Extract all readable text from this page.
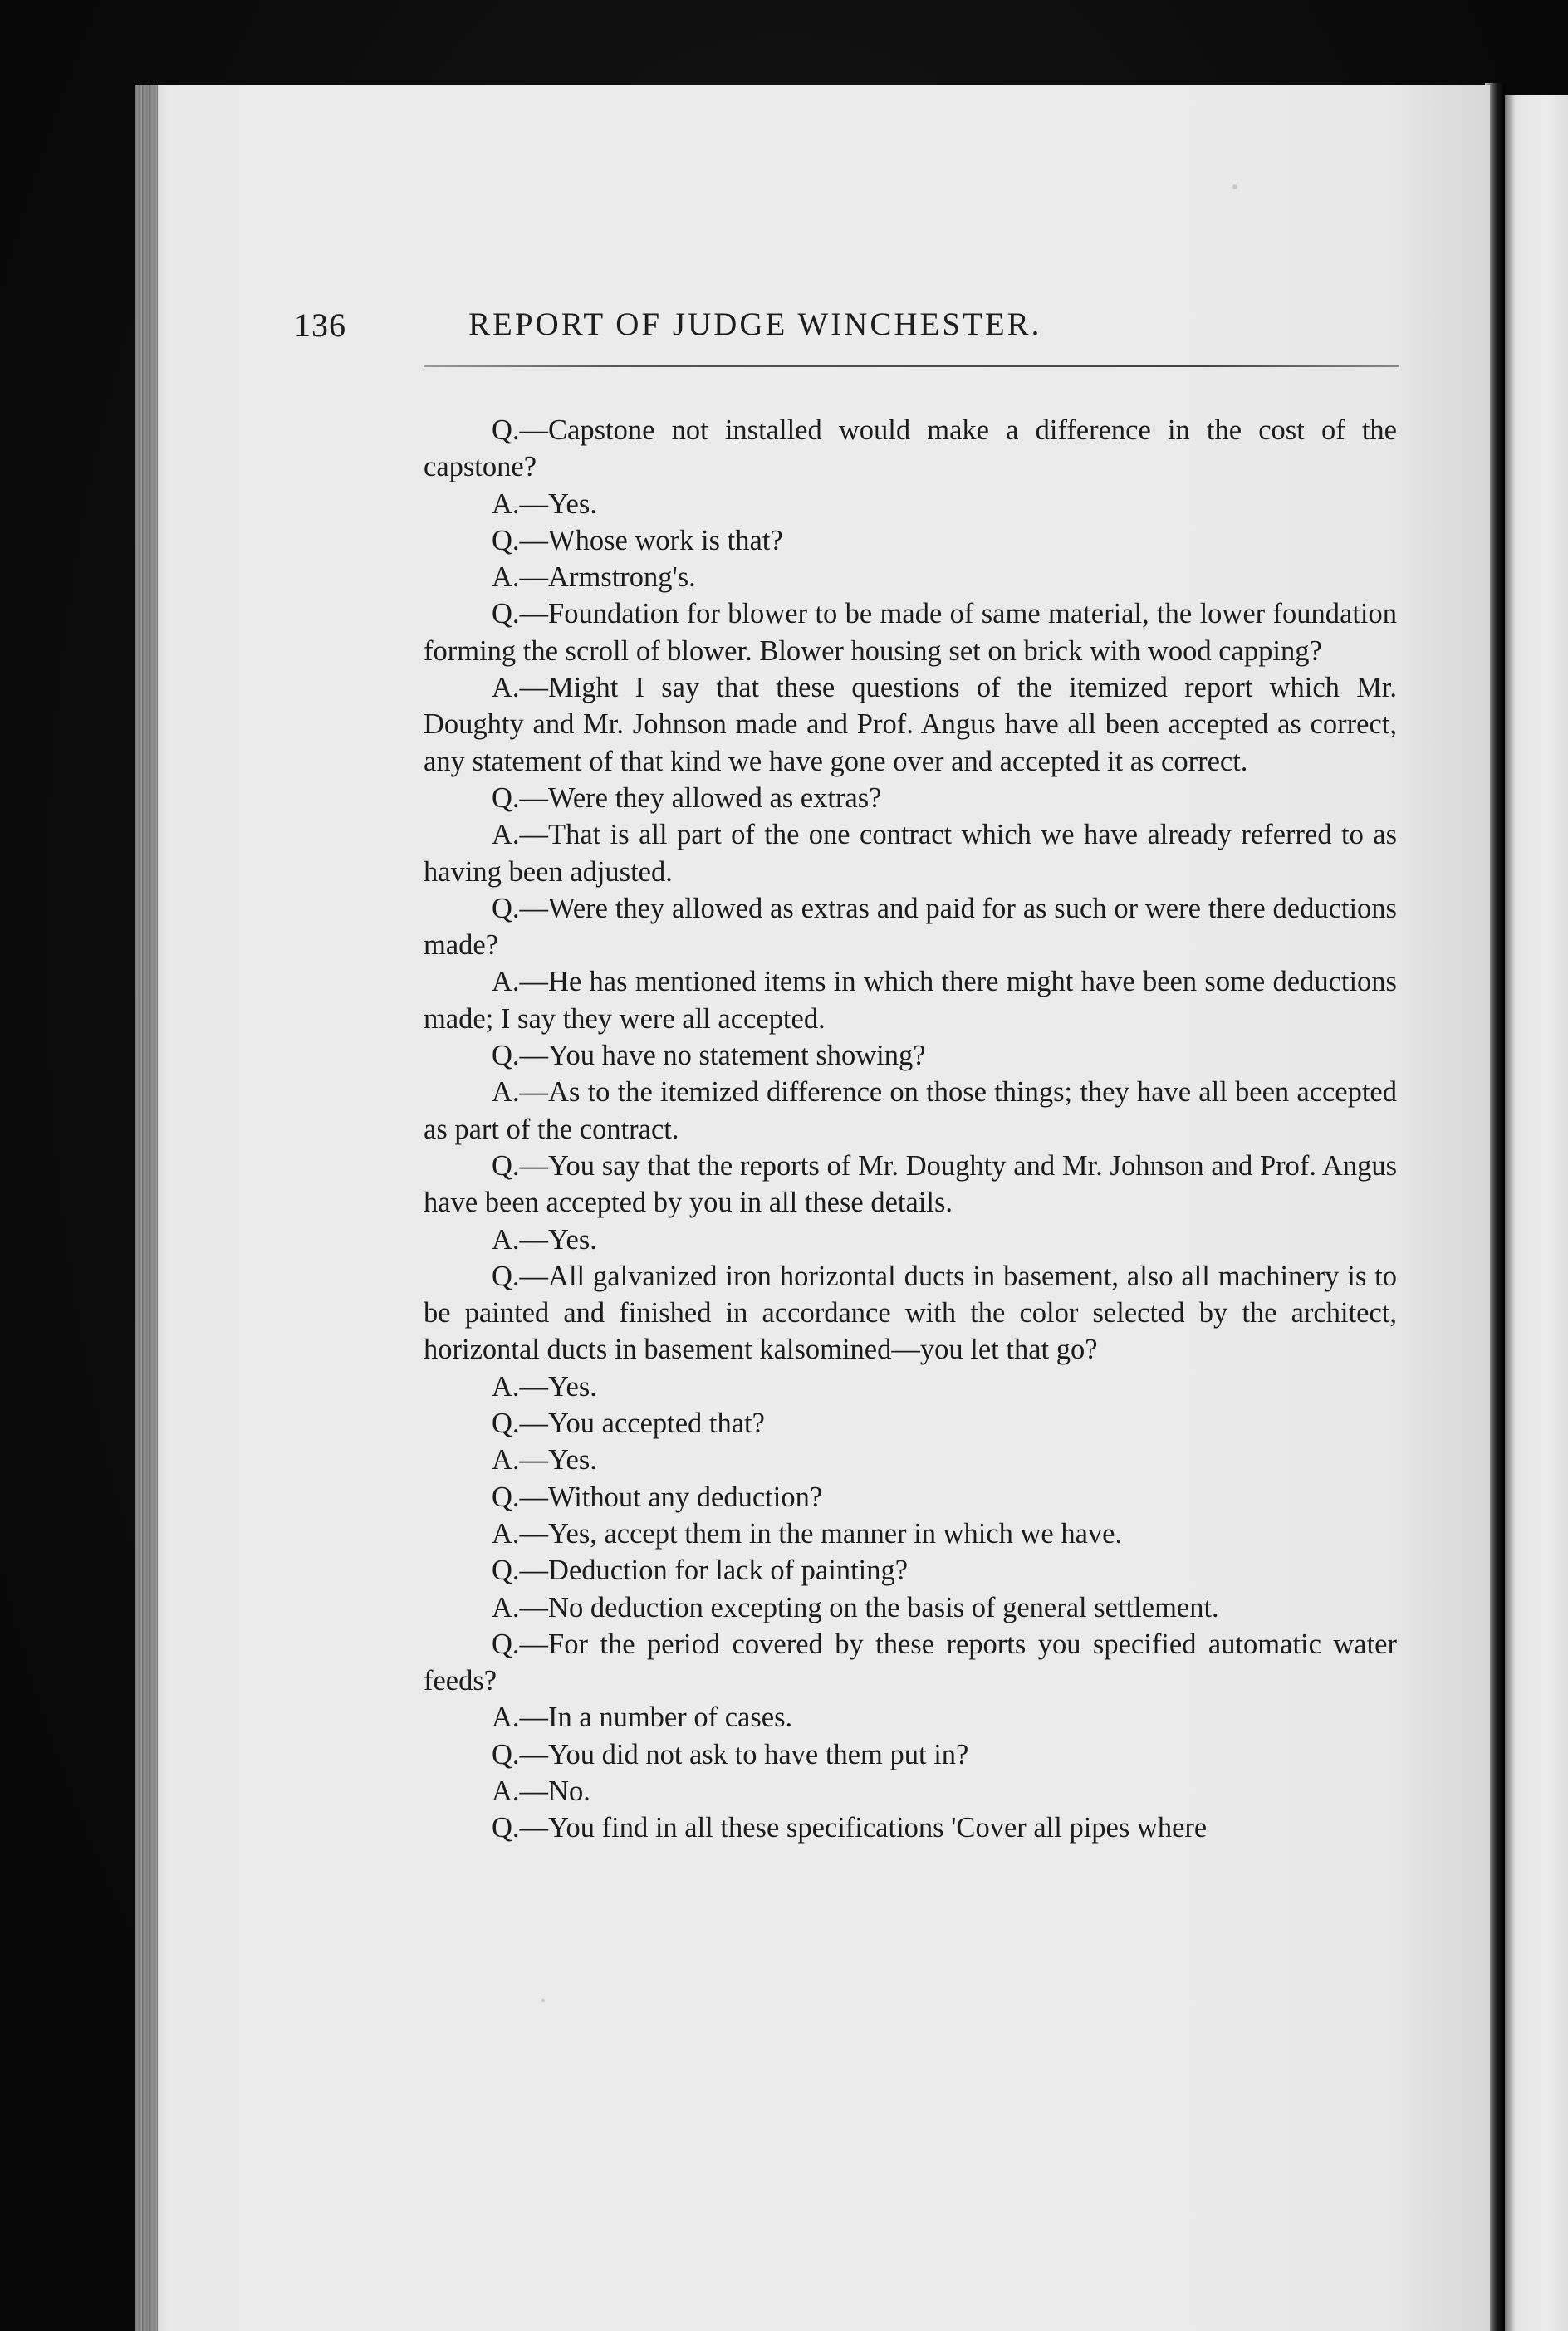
136	REPORT OF JUDGE WINCHESTER.

Q.—Capstone not installed would make a difference in the cost of the capstone?

A.—Yes.

Q.—Whose work is that?

A.—Armstrong's.

Q.—Foundation for blower to be made of same material, the lower foundation forming the scroll of blower. Blower housing set on brick with wood capping?

A.—Might I say that these questions of the itemized report which Mr. Doughty and Mr. Johnson made and Prof. Angus have all been accepted as correct, any statement of that kind we have gone over and accepted it as correct.

Q.—Were they allowed as extras?

A.—That is all part of the one contract which we have already referred to as having been adjusted.

Q.—Were they allowed as extras and paid for as such or were there deductions made?

A.—He has mentioned items in which there might have been some deductions made; I say they were all accepted.

Q.—You have no statement showing?

A.—As to the itemized difference on those things; they have all been accepted as part of the contract.

Q.—You say that the reports of Mr. Doughty and Mr. Johnson and Prof. Angus have been accepted by you in all these details.

A.—Yes.

Q.—All galvanized iron horizontal ducts in basement, also all machinery is to be painted and finished in accordance with the color selected by the architect, horizontal ducts in basement kalsomined—you let that go?

A.—Yes.

Q.—You accepted that?

A.—Yes.

Q.—Without any deduction?

A.—Yes, accept them in the manner in which we have.

Q.—Deduction for lack of painting?

A.—No deduction excepting on the basis of general settlement.

Q.—For the period covered by these reports you specified automatic water feeds?

A.—In a number of cases.

Q.—You did not ask to have them put in?

A.—No.

Q.—You find in all these specifications 'Cover all pipes where
